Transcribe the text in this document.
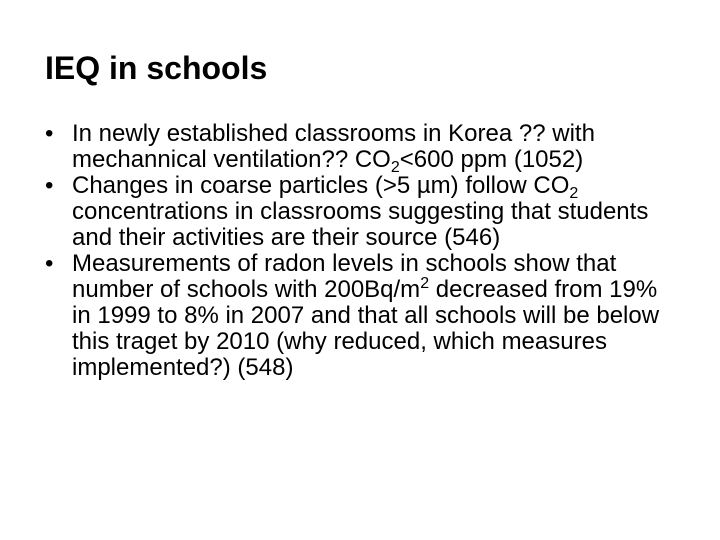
IEQ in schools
• In newly established classrooms in Korea ?? with mechannical ventilation?? $CO_2<600$ ppm (1052)
• Changes in coarse particles (>5 µm) follow $CO_2$ concentrations in classrooms suggesting that students and their activities are their source (546)
• Measurements of radon levels in schools show that number of schools with $200Bq/m^2$ decreased from 19% in 1999 to 8% in 2007 and that all schools will be below this traget by 2010 (why reduced, which measures implemented?) (548)
